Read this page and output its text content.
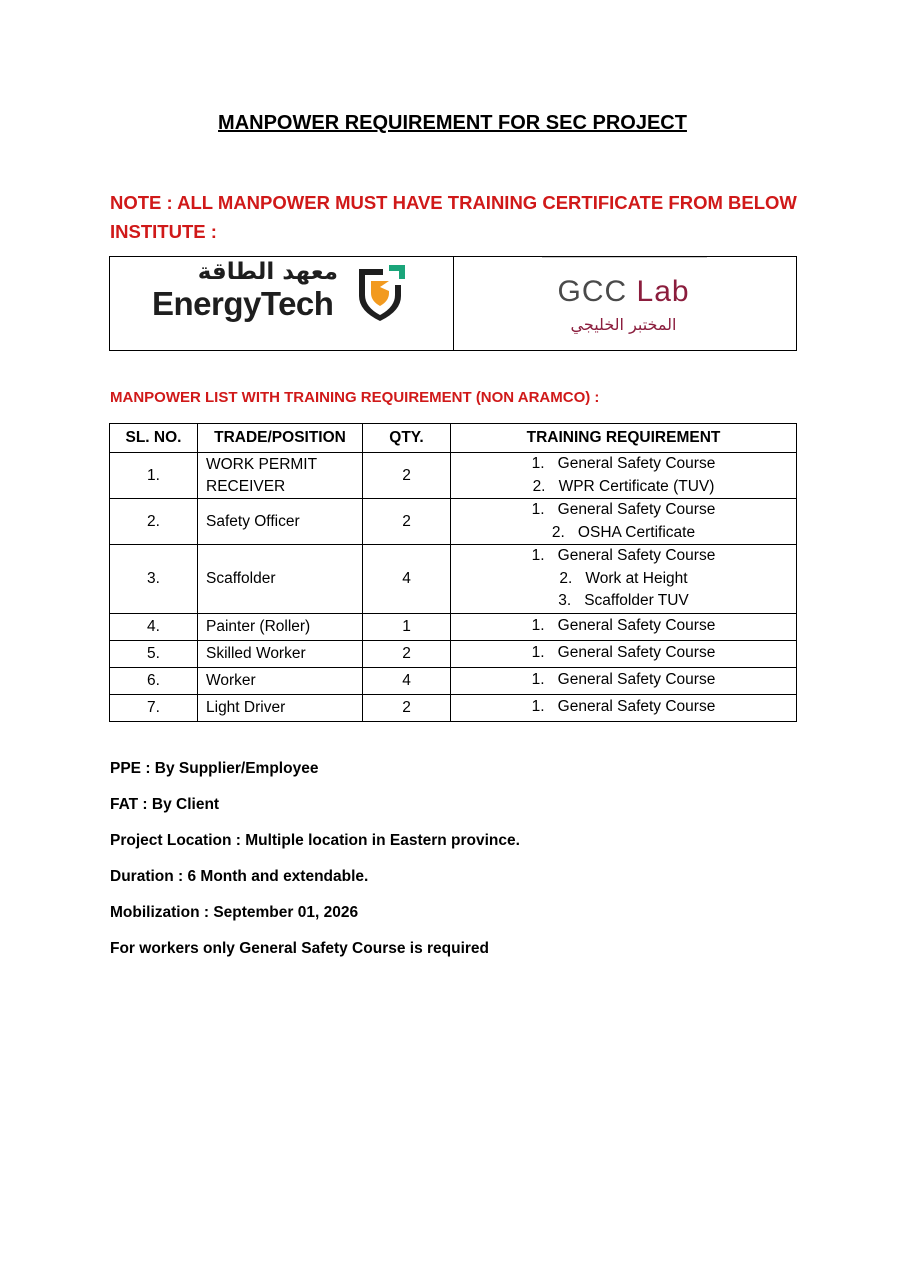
MANPOWER REQUIREMENT FOR SEC PROJECT
NOTE : ALL MANPOWER MUST HAVE TRAINING CERTIFICATE FROM BELOW INSTITUTE :
معهد الطاقة
EnergyTech	GCC Lab
المختبر الخليجي
MANPOWER LIST WITH TRAINING REQUIREMENT (NON ARAMCO) :
SL. NO.	TRADE/POSITION	QTY.	TRAINING REQUIREMENT
1.	WORK PERMIT RECEIVER	2	1. General Safety Course
2. WPR Certificate (TUV)

2.	Safety Officer	2	1. General Safety Course
2. OSHA Certificate

3.	Scaffolder	4	1. General Safety Course
2. Work at Height
3. Scaffolder TUV

4.	Painter (Roller)	1	1. General Safety Course

5.	Skilled Worker	2	1. General Safety Course

6.	Worker	4	1. General Safety Course

7.	Light Driver	2	1. General Safety Course
PPE : By Supplier/Employee
FAT : By Client
Project Location : Multiple location in Eastern province.
Duration : 6 Month and extendable.
Mobilization : September 01, 2026
For workers only General Safety Course is required
